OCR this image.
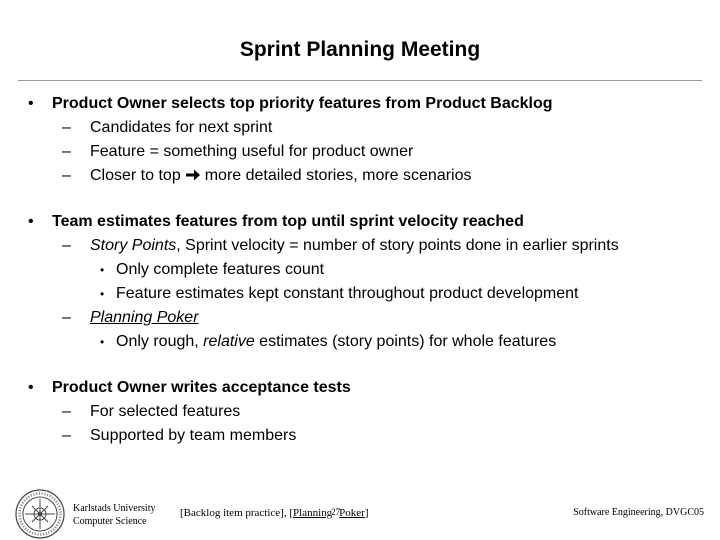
Sprint Planning Meeting
• Product Owner selects top priority features from Product Backlog
– Candidates for next sprint
– Feature = something useful for product owner
– Closer to top more detailed stories, more scenarios
• Team estimates features from top until sprint velocity reached
– Story Points, Sprint velocity = number of story points done in earlier sprints
• Only complete features count
• Feature estimates kept constant throughout product development
– Planning Poker
• Only rough, relative estimates (story points) for whole features
• Product Owner writes acceptance tests
– For selected features
– Supported by team members
Karlstads University
Computer Science
[Backlog item practice], [Planning27Poker]	Software Engineering, DVGC05
